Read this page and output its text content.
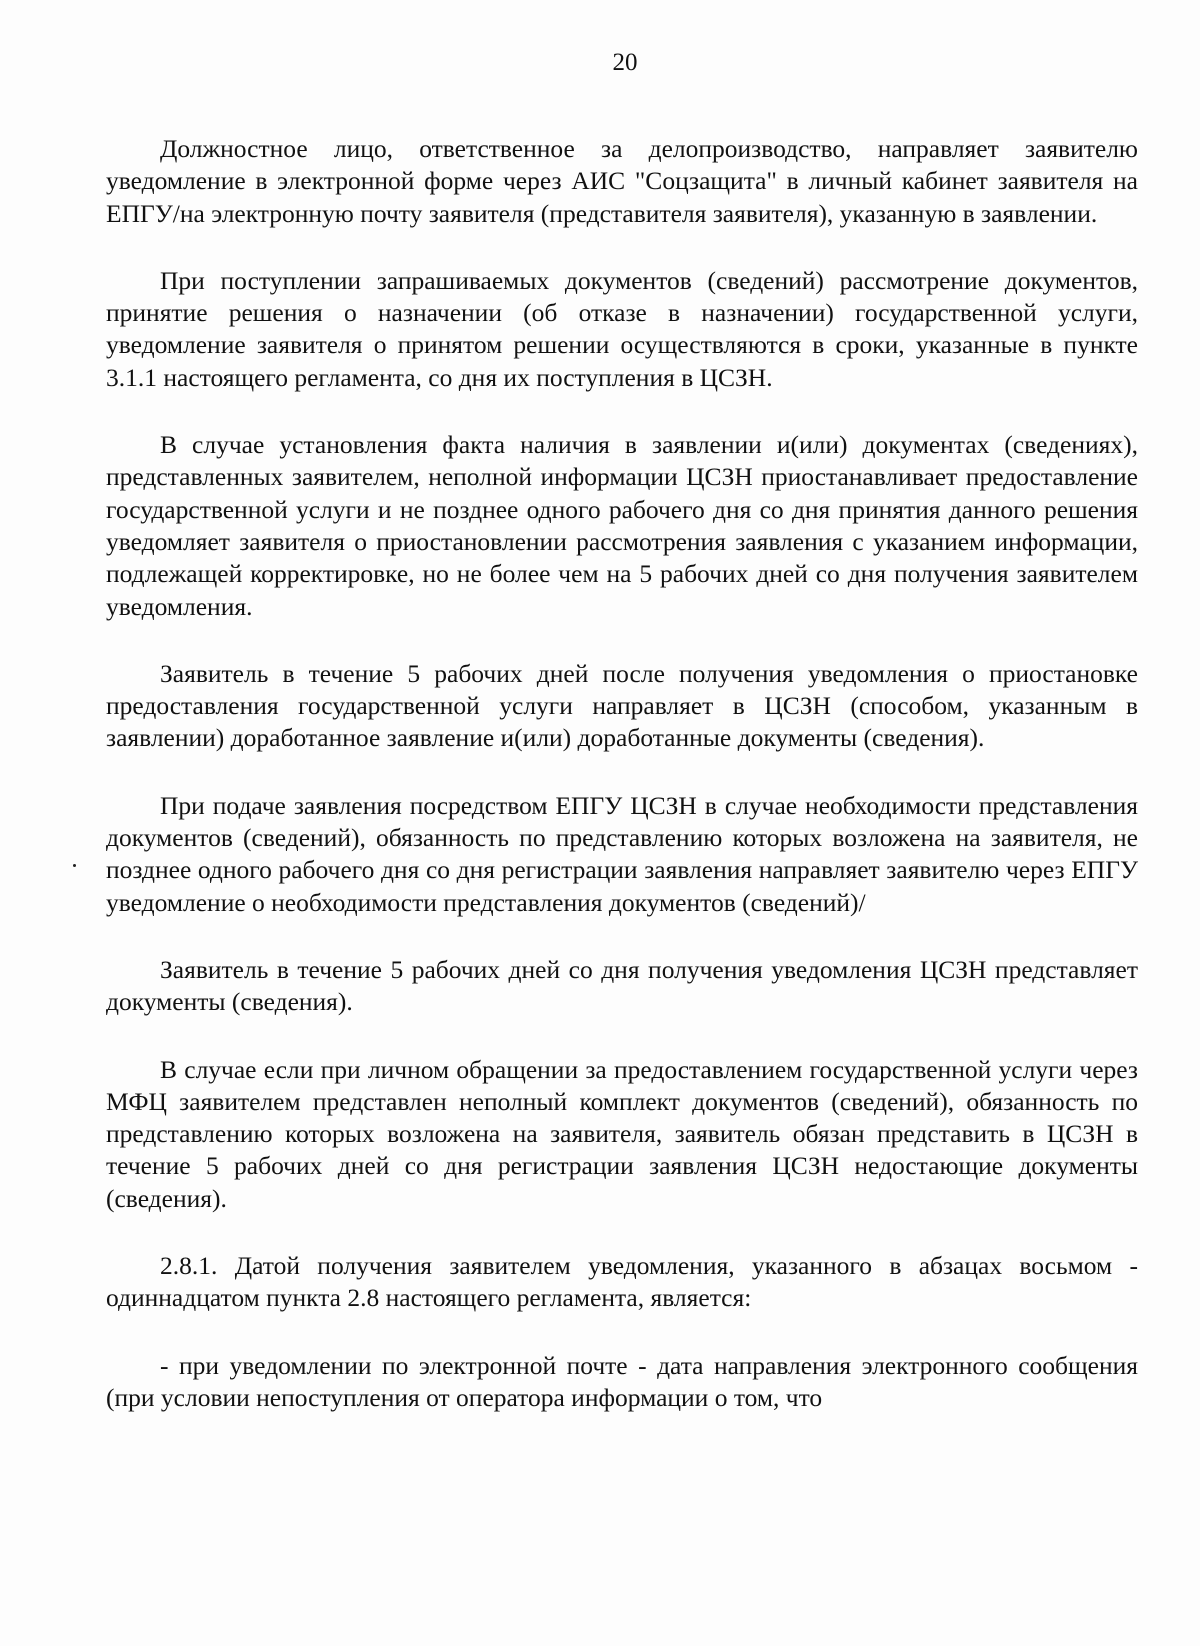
20

Должностное лицо, ответственное за делопроизводство, направляет заявителю уведомление в электронной форме через АИС "Соцзащита" в личный кабинет заявителя на ЕПГУ/на электронную почту заявителя (представителя заявителя), указанную в заявлении.

При поступлении запрашиваемых документов (сведений) рассмотрение документов, принятие решения о назначении (об отказе в назначении) государственной услуги, уведомление заявителя о принятом решении осуществляются в сроки, указанные в пункте 3.1.1 настоящего регламента, со дня их поступления в ЦСЗН.

В случае установления факта наличия в заявлении и(или) документах (сведениях), представленных заявителем, неполной информации ЦСЗН приостанавливает предоставление государственной услуги и не позднее одного рабочего дня со дня принятия данного решения уведомляет заявителя о приостановлении рассмотрения заявления с указанием информации, подлежащей корректировке, но не более чем на 5 рабочих дней со дня получения заявителем уведомления.

Заявитель в течение 5 рабочих дней после получения уведомления о приостановке предоставления государственной услуги направляет в ЦСЗН (способом, указанным в заявлении) доработанное заявление и(или) доработанные документы (сведения).

При подаче заявления посредством ЕПГУ ЦСЗН в случае необходимости представления документов (сведений), обязанность по представлению которых возложена на заявителя, не позднее одного рабочего дня со дня регистрации заявления направляет заявителю через ЕПГУ уведомление о необходимости представления документов (сведений)/

Заявитель в течение 5 рабочих дней со дня получения уведомления ЦСЗН представляет документы (сведения).

В случае если при личном обращении за предоставлением государственной услуги через МФЦ заявителем представлен неполный комплект документов (сведений), обязанность по представлению которых возложена на заявителя, заявитель обязан представить в ЦСЗН в течение 5 рабочих дней со дня регистрации заявления ЦСЗН недостающие документы (сведения).

2.8.1. Датой получения заявителем уведомления, указанного в абзацах восьмом - одиннадцатом пункта 2.8 настоящего регламента, является:

- при уведомлении по электронной почте - дата направления электронного сообщения (при условии непоступления от оператора информации о том, что
